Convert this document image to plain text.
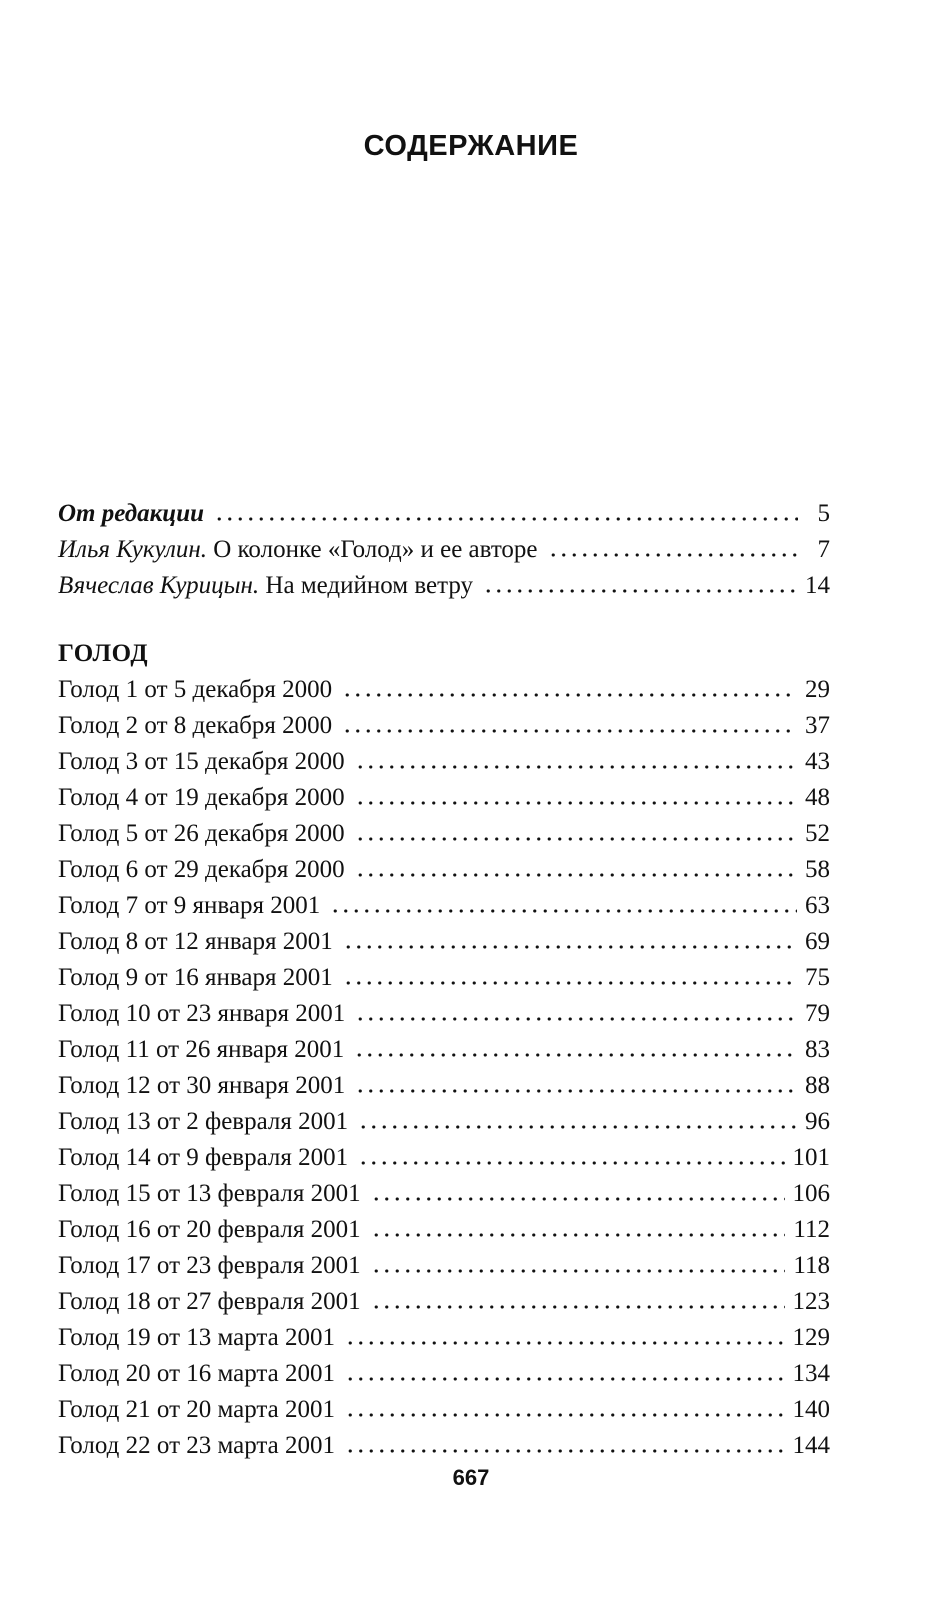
СОДЕРЖАНИЕ
От редакции	5
Илья Кукулин. О колонке «Голод» и ее авторе	7
Вячеслав Курицын. На медийном ветру	14
ГОЛОД
Голод 1 от 5 декабря 2000	29
Голод 2 от 8 декабря 2000	37
Голод 3 от 15 декабря 2000	43
Голод 4 от 19 декабря 2000	48
Голод 5 от 26 декабря 2000	52
Голод 6 от 29 декабря 2000	58
Голод 7 от 9 января 2001	63
Голод 8 от 12 января 2001	69
Голод 9 от 16 января 2001	75
Голод 10 от 23 января 2001	79
Голод 11 от 26 января 2001	83
Голод 12 от 30 января 2001	88
Голод 13 от 2 февраля 2001	96
Голод 14 от 9 февраля 2001	101
Голод 15 от 13 февраля 2001	106
Голод 16 от 20 февраля 2001	112
Голод 17 от 23 февраля 2001	118
Голод 18 от 27 февраля 2001	123
Голод 19 от 13 марта 2001	129
Голод 20 от 16 марта 2001	134
Голод 21 от 20 марта 2001	140
Голод 22 от 23 марта 2001	144
667
